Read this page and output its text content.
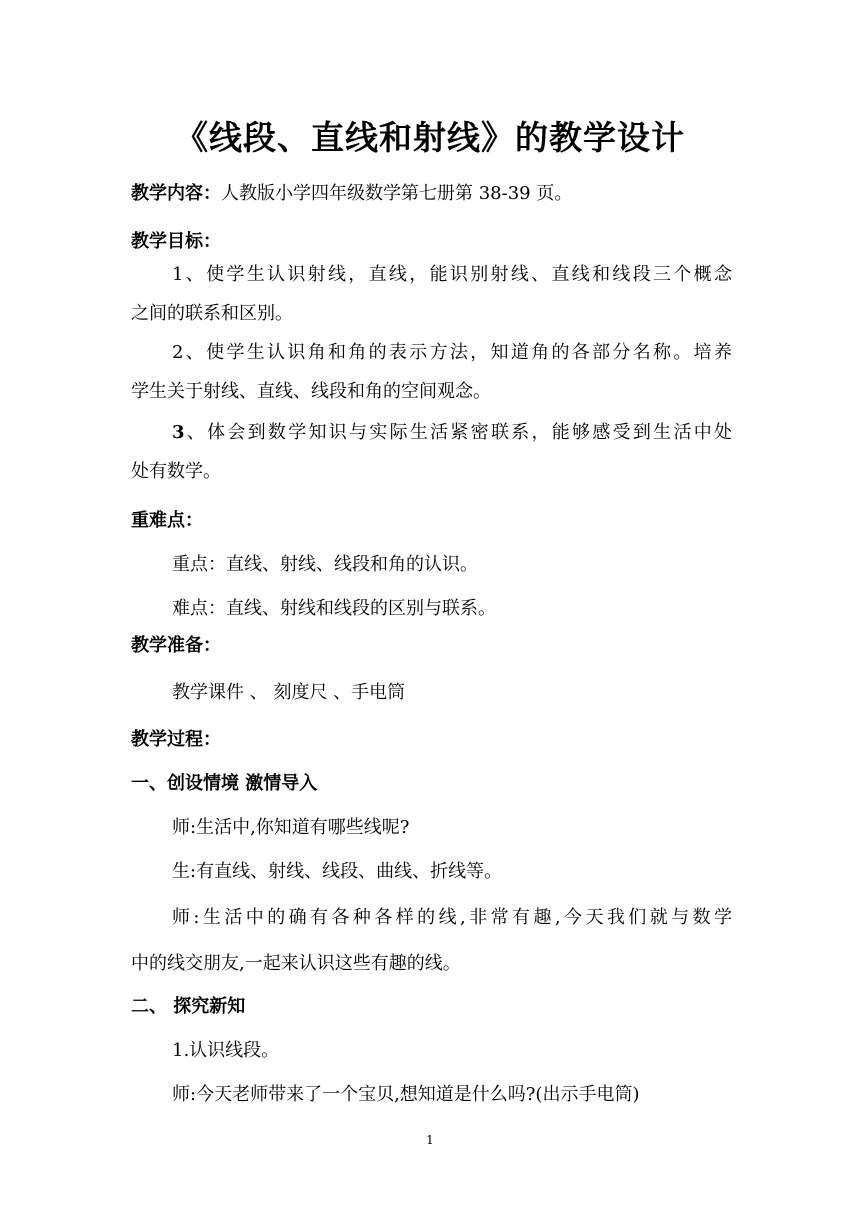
《线段、直线和射线》的教学设计

教学内容：人教版小学四年级数学第七册第 38-39 页。

教学目标：

1、使学生认识射线，直线，能识别射线、直线和线段三个概念

之间的联系和区别。

2、使学生认识角和角的表示方法，知道角的各部分名称。培养

学生关于射线、直线、线段和角的空间观念。

3、体会到数学知识与实际生活紧密联系，能够感受到生活中处

处有数学。

重难点：

重点：直线、射线、线段和角的认识。

难点：直线、射线和线段的区别与联系。

教学准备：

教学课件 、 刻度尺 、手电筒

教学过程：

一、创设情境 激情导入

师:生活中,你知道有哪些线呢?

生:有直线、射线、线段、曲线、折线等。

师:生活中的确有各种各样的线,非常有趣,今天我们就与数学

中的线交朋友,一起来认识这些有趣的线。

二、 探究新知

1.认识线段。

师:今天老师带来了一个宝贝,想知道是什么吗?(出示手电筒)

1
